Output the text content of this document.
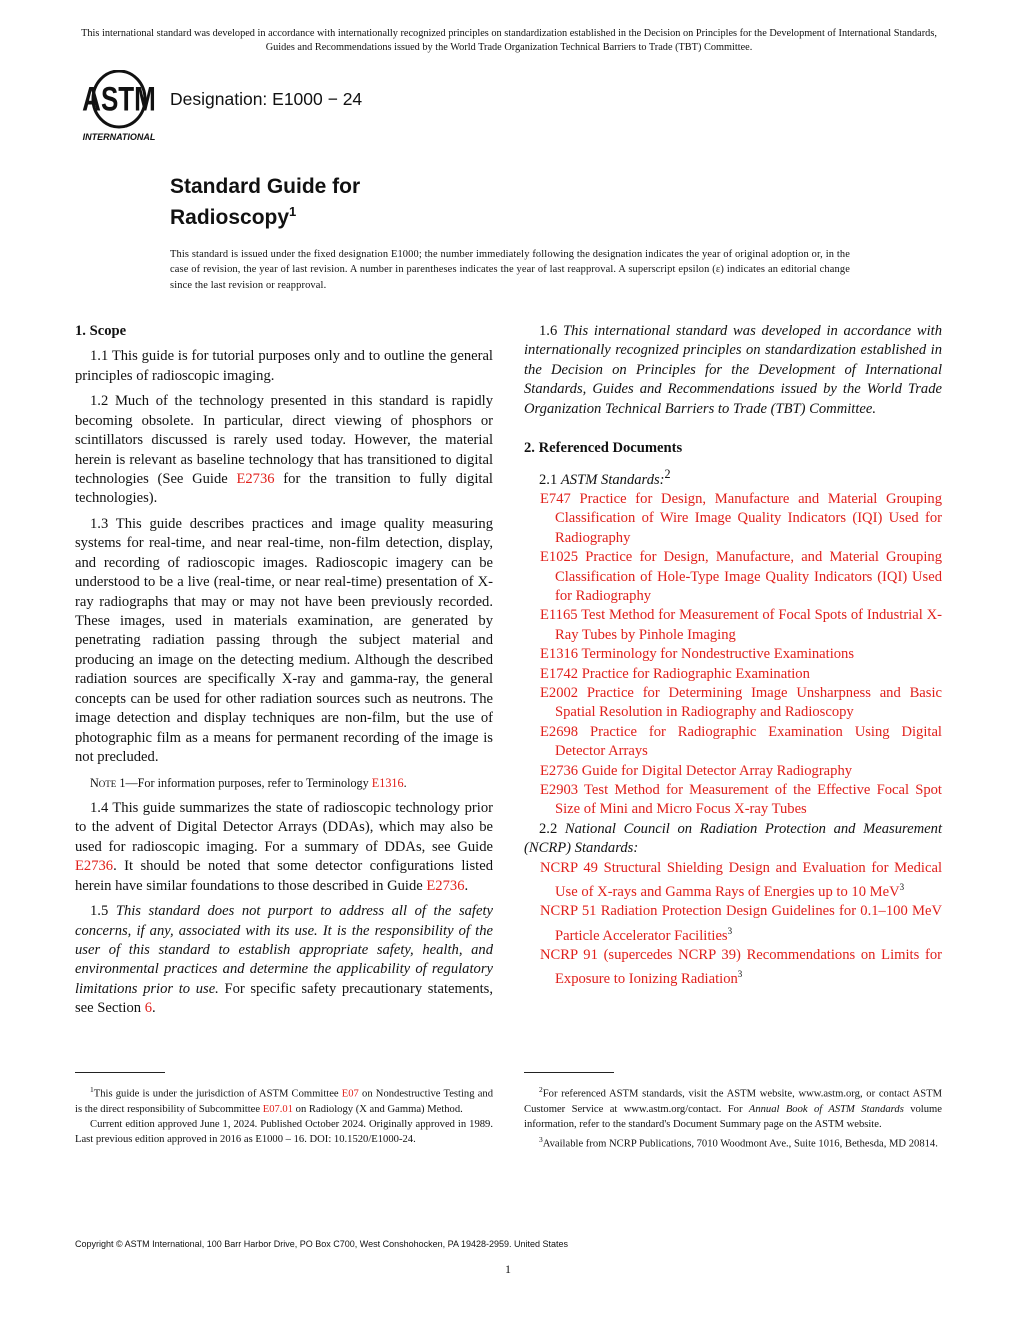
This international standard was developed in accordance with internationally recognized principles on standardization established in the Decision on Principles for the Development of International Standards, Guides and Recommendations issued by the World Trade Organization Technical Barriers to Trade (TBT) Committee.
ASTM
INTERNATIONAL
Designation: E1000 − 24
Standard Guide for
Radioscopy$^1$
This standard is issued under the fixed designation E1000; the number immediately following the designation indicates the year of original adoption or, in the case of revision, the year of last revision. A number in parentheses indicates the year of last reapproval. A superscript epsilon (ε) indicates an editorial change since the last revision or reapproval.
1. Scope

1.1 This guide is for tutorial purposes only and to outline the general principles of radioscopic imaging.

1.2 Much of the technology presented in this standard is rapidly becoming obsolete. In particular, direct viewing of phosphors or scintillators discussed is rarely used today. However, the material herein is relevant as baseline technology that has transitioned to digital technologies (See Guide E2736 for the transition to fully digital technologies).

1.3 This guide describes practices and image quality measuring systems for real-time, and near real-time, non-film detection, display, and recording of radioscopic images. Radioscopic imagery can be understood to be a live (real-time, or near real-time) presentation of X-ray radiographs that may or may not have been previously recorded. These images, used in materials examination, are generated by penetrating radiation passing through the subject material and producing an image on the detecting medium. Although the described radiation sources are specifically X-ray and gamma-ray, the general concepts can be used for other radiation sources such as neutrons. The image detection and display techniques are non-film, but the use of photographic film as a means for permanent recording of the image is not precluded.

Note 1—For information purposes, refer to Terminology E1316.

1.4 This guide summarizes the state of radioscopic technology prior to the advent of Digital Detector Arrays (DDAs), which may also be used for radioscopic imaging. For a summary of DDAs, see Guide E2736. It should be noted that some detector configurations listed herein have similar foundations to those described in Guide E2736.

1.5 This standard does not purport to address all of the safety concerns, if any, associated with its use. It is the responsibility of the user of this standard to establish appropriate safety, health, and environmental practices and determine the applicability of regulatory limitations prior to use. For specific safety precautionary statements, see Section 6.

1.6 This international standard was developed in accordance with internationally recognized principles on standardization established in the Decision on Principles for the Development of International Standards, Guides and Recommendations issued by the World Trade Organization Technical Barriers to Trade (TBT) Committee.

2. Referenced Documents

2.1 ASTM Standards:$^2$

E747 Practice for Design, Manufacture and Material Grouping Classification of Wire Image Quality Indicators (IQI) Used for Radiography

E1025 Practice for Design, Manufacture, and Material Grouping Classification of Hole-Type Image Quality Indicators (IQI) Used for Radiography

E1165 Test Method for Measurement of Focal Spots of Industrial X-Ray Tubes by Pinhole Imaging

E1316 Terminology for Nondestructive Examinations

E1742 Practice for Radiographic Examination

E2002 Practice for Determining Image Unsharpness and Basic Spatial Resolution in Radiography and Radioscopy

E2698 Practice for Radiographic Examination Using Digital Detector Arrays

E2736 Guide for Digital Detector Array Radiography

E2903 Test Method for Measurement of the Effective Focal Spot Size of Mini and Micro Focus X-ray Tubes

2.2 National Council on Radiation Protection and Measurement (NCRP) Standards:

NCRP 49 Structural Shielding Design and Evaluation for Medical Use of X-rays and Gamma Rays of Energies up to 10 MeV$^3$

NCRP 51 Radiation Protection Design Guidelines for 0.1–100 MeV Particle Accelerator Facilities$^3$

NCRP 91 (supercedes NCRP 39) Recommendations on Limits for Exposure to Ionizing Radiation$^3$

$^1$This guide is under the jurisdiction of ASTM Committee E07 on Nondestructive Testing and is the direct responsibility of Subcommittee E07.01 on Radiology (X and Gamma) Method.

Current edition approved June 1, 2024. Published October 2024. Originally approved in 1989. Last previous edition approved in 2016 as E1000 – 16. DOI: 10.1520/E1000-24.

$^2$For referenced ASTM standards, visit the ASTM website, www.astm.org, or contact ASTM Customer Service at www.astm.org/contact. For Annual Book of ASTM Standards volume information, refer to the standard's Document Summary page on the ASTM website.

$^3$Available from NCRP Publications, 7010 Woodmont Ave., Suite 1016, Bethesda, MD 20814.

Copyright © ASTM International, 100 Barr Harbor Drive, PO Box C700, West Conshohocken, PA 19428-2959. United States
1
